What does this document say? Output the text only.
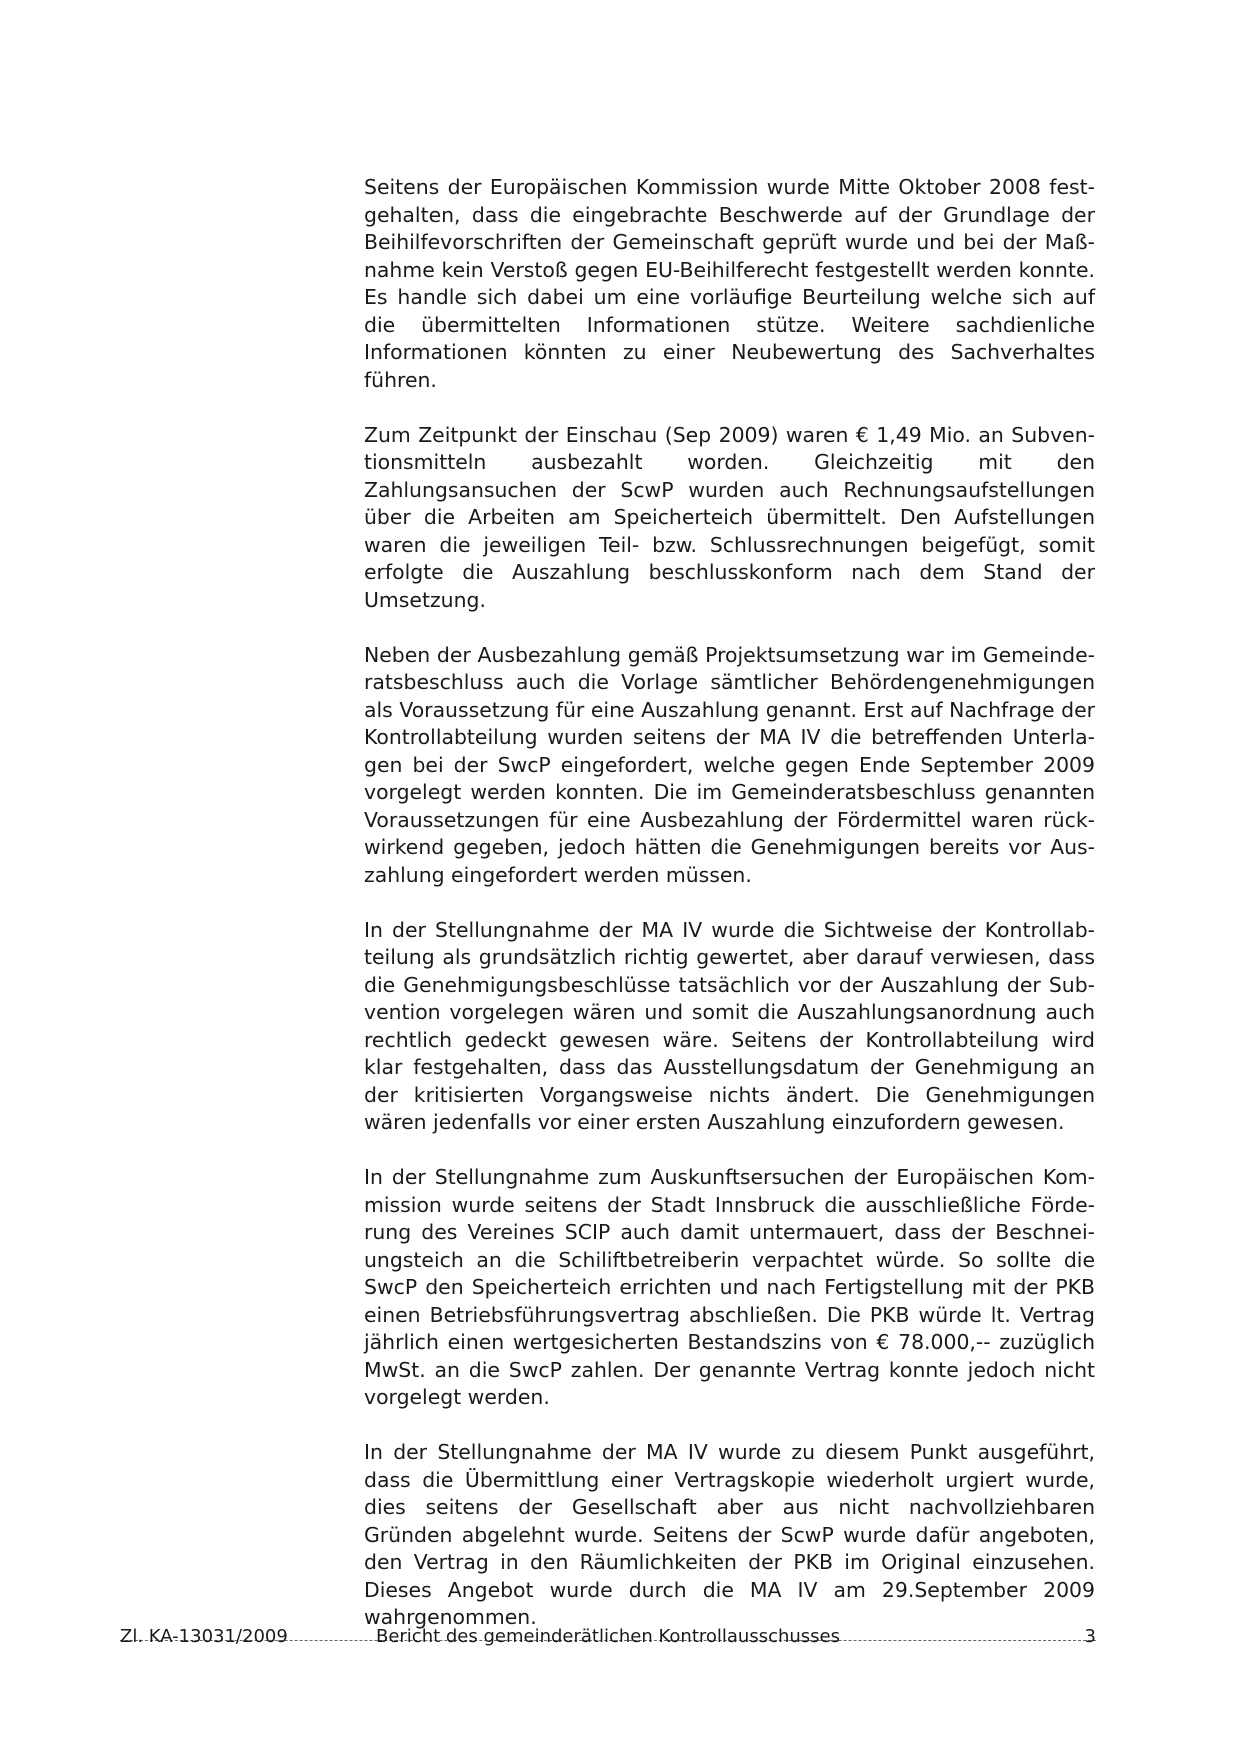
Seitens der Europäischen Kommission wurde Mitte Oktober 2008 festgehalten, dass die eingebrachte Beschwerde auf der Grundlage der Beihilfevorschriften der Gemeinschaft geprüft wurde und bei der Maßnahme kein Verstoß gegen EU-Beihilferecht festgestellt werden konnte. Es handle sich dabei um eine vorläufige Beurteilung welche sich auf die übermittelten Informationen stütze. Weitere sachdienliche Informationen könnten zu einer Neubewertung des Sachverhaltes führen.

Zum Zeitpunkt der Einschau (Sep 2009) waren € 1,49 Mio. an Subventionsmitteln ausbezahlt worden. Gleichzeitig mit den Zahlungsansuchen der ScwP wurden auch Rechnungsaufstellungen über die Arbeiten am Speicherteich übermittelt. Den Aufstellungen waren die jeweiligen Teil- bzw. Schlussrechnungen beigefügt, somit erfolgte die Auszahlung beschlusskonform nach dem Stand der Umsetzung.

Neben der Ausbezahlung gemäß Projektsumsetzung war im Gemeinderatsbeschluss auch die Vorlage sämtlicher Behördengenehmigungen als Voraussetzung für eine Auszahlung genannt. Erst auf Nachfrage der Kontrollabteilung wurden seitens der MA IV die betreffenden Unterlagen bei der SwcP eingefordert, welche gegen Ende September 2009 vorgelegt werden konnten. Die im Gemeinderatsbeschluss genannten Voraussetzungen für eine Ausbezahlung der Fördermittel waren rückwirkend gegeben, jedoch hätten die Genehmigungen bereits vor Auszahlung eingefordert werden müssen.

In der Stellungnahme der MA IV wurde die Sichtweise der Kontrollabteilung als grundsätzlich richtig gewertet, aber darauf verwiesen, dass die Genehmigungsbeschlüsse tatsächlich vor der Auszahlung der Subvention vorgelegen wären und somit die Auszahlungsanordnung auch rechtlich gedeckt gewesen wäre. Seitens der Kontrollabteilung wird klar festgehalten, dass das Ausstellungsdatum der Genehmigung an der kritisierten Vorgangsweise nichts ändert. Die Genehmigungen wären jedenfalls vor einer ersten Auszahlung einzufordern gewesen.

In der Stellungnahme zum Auskunftsersuchen der Europäischen Kommission wurde seitens der Stadt Innsbruck die ausschließliche Förderung des Vereines SCIP auch damit untermauert, dass der Beschneiungsteich an die Schiliftbetreiberin verpachtet würde. So sollte die SwcP den Speicherteich errichten und nach Fertigstellung mit der PKB einen Betriebsführungsvertrag abschließen. Die PKB würde lt. Vertrag jährlich einen wertgesicherten Bestandszins von € 78.000,-- zuzüglich MwSt. an die SwcP zahlen. Der genannte Vertrag konnte jedoch nicht vorgelegt werden.

In der Stellungnahme der MA IV wurde zu diesem Punkt ausgeführt, dass die Übermittlung einer Vertragskopie wiederholt urgiert wurde, dies seitens der Gesellschaft aber aus nicht nachvollziehbaren Gründen abgelehnt wurde. Seitens der ScwP wurde dafür angeboten, den Vertrag in den Räumlichkeiten der PKB im Original einzusehen. Dieses Angebot wurde durch die MA IV am 29.September 2009 wahrgenommen.

Zl. KA-13031/2009	Bericht des gemeinderätlichen Kontrollausschusses	3
